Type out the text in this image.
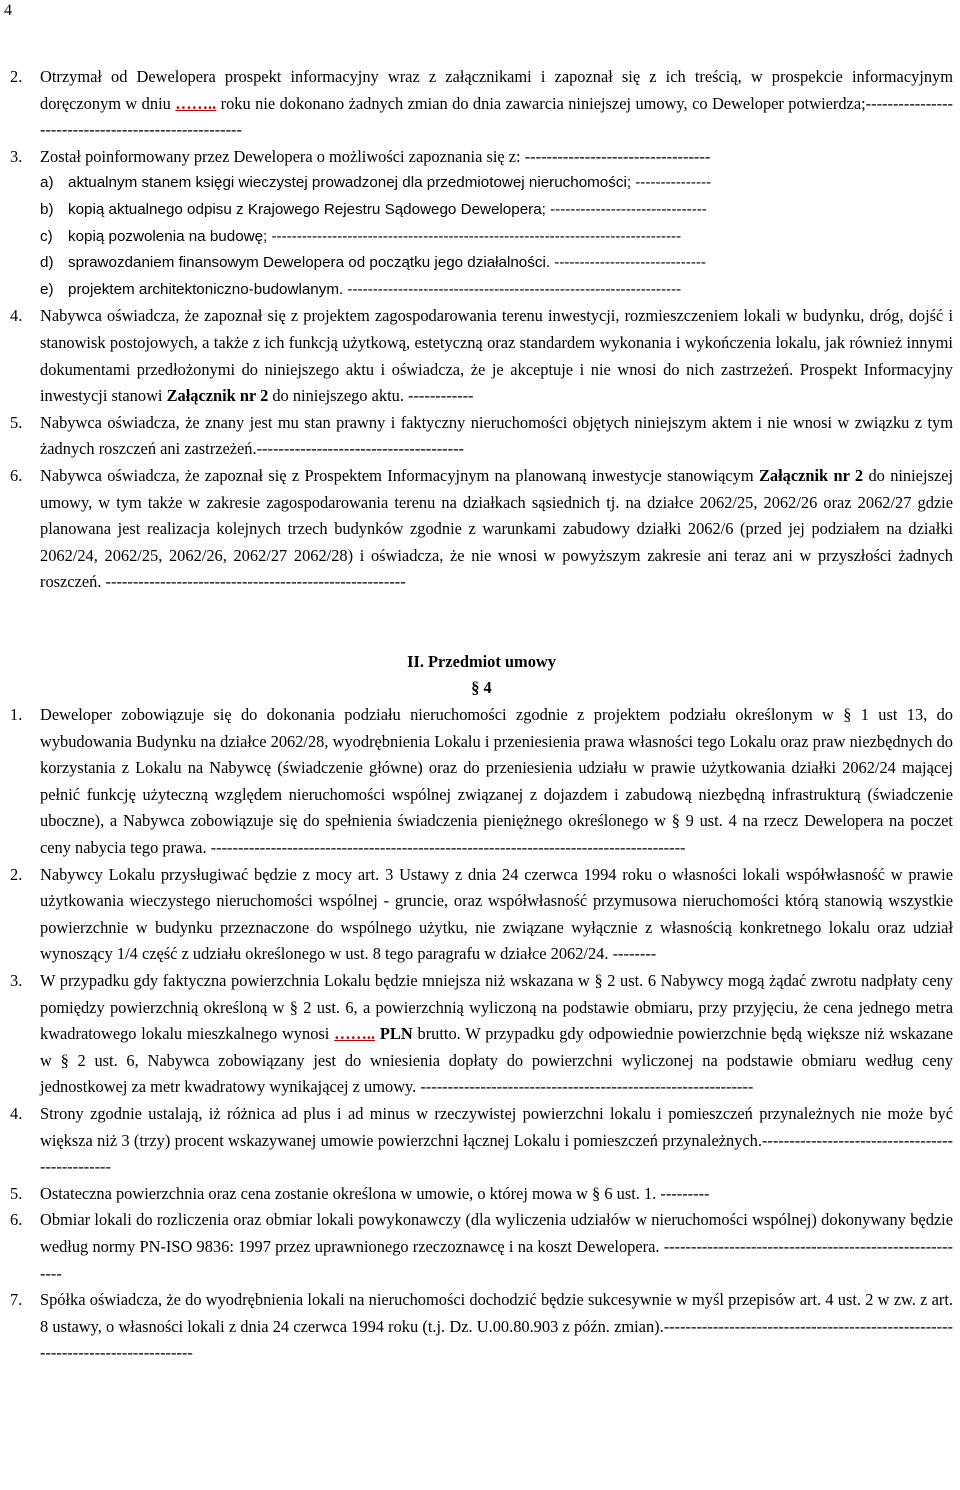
4
2.	Otrzymał od Dewelopera prospekt informacyjny wraz z załącznikami i zapoznał się z ich treścią, w prospekcie informacyjnym doręczonym w dniu …….. roku nie dokonano żadnych zmian do dnia zawarcia niniejszej umowy, co Deweloper potwierdza;-----------------------------------------------------
3.	Został poinformowany przez Dewelopera o możliwości zapoznania się z: ----------------------------------
a) aktualnym stanem księgi wieczystej prowadzonej dla przedmiotowej nieruchomości; ---------------
b) kopią aktualnego odpisu z Krajowego Rejestru Sądowego Dewelopera; -------------------------------
c)	kopią pozwolenia na budowę; ---------------------------------------------------------------------------------
d) sprawozdaniem finansowym Dewelopera od początku jego działalności. ------------------------------
e) projektem architektoniczno-budowlanym. ------------------------------------------------------------------
4.	Nabywca oświadcza, że zapoznał się z projektem zagospodarowania terenu inwestycji, rozmieszczeniem lokali w budynku, dróg, dojść i stanowisk postojowych, a także z ich funkcją użytkową, estetyczną oraz standardem wykonania i wykończenia lokalu, jak również innymi dokumentami przedłożonymi do niniejszego aktu i oświadcza, że je akceptuje i nie wnosi do nich zastrzeżeń. Prospekt Informacyjny inwestycji stanowi Załącznik nr 2 do niniejszego aktu. ------------
5.	Nabywca oświadcza, że znany jest mu stan prawny i faktyczny nieruchomości objętych niniejszym aktem i nie wnosi w związku z tym żadnych roszczeń ani zastrzeżeń.--------------------------------------
6.	Nabywca oświadcza, że zapoznał się z Prospektem Informacyjnym na planowaną inwestycje stanowiącym Załącznik nr 2 do niniejszej umowy, w tym także w zakresie zagospodarowania terenu na działkach sąsiednich tj. na działce 2062/25, 2062/26 oraz 2062/27 gdzie planowana jest realizacja kolejnych trzech budynków zgodnie z warunkami zabudowy działki 2062/6 (przed jej podziałem na działki 2062/24, 2062/25, 2062/26, 2062/27 2062/28) i oświadcza, że nie wnosi w powyższym zakresie ani teraz ani w przyszłości żadnych roszczeń. -------------------------------------------------------
II. Przedmiot umowy
§ 4
1.	Deweloper zobowiązuje się do dokonania podziału nieruchomości zgodnie z projektem podziału określonym w § 1 ust 13, do wybudowania Budynku na działce 2062/28, wyodrębnienia Lokalu i przeniesienia prawa własności tego Lokalu oraz praw niezbędnych do korzystania z Lokalu na Nabywcę (świadczenie główne) oraz do przeniesienia udziału w prawie użytkowania działki 2062/24 mającej pełnić funkcję użyteczną względem nieruchomości wspólnej związanej z dojazdem i zabudową niezbędną infrastrukturą (świadczenie uboczne), a Nabywca zobowiązuje się do spełnienia świadczenia pieniężnego określonego w § 9 ust. 4 na rzecz Dewelopera na poczet ceny nabycia tego prawa. ---------------------------------------------------------------------------------------
2.	Nabywcy Lokalu przysługiwać będzie z mocy art. 3 Ustawy z dnia 24 czerwca 1994 roku o własności lokali współwłasność w prawie użytkowania wieczystego nieruchomości wspólnej - gruncie, oraz współwłasność przymusowa nieruchomości którą stanowią wszystkie powierzchnie w budynku przeznaczone do wspólnego użytku, nie związane wyłącznie z własnością konkretnego lokalu oraz udział wynoszący 1/4 część z udziału określonego w ust. 8 tego paragrafu w działce 2062/24. --------
3.	W przypadku gdy faktyczna powierzchnia Lokalu będzie mniejsza niż wskazana w § 2 ust. 6 Nabywcy mogą żądać zwrotu nadpłaty ceny pomiędzy powierzchnią określoną w § 2 ust. 6, a powierzchnią wyliczoną na podstawie obmiaru, przy przyjęciu, że cena jednego metra kwadratowego lokalu mieszkalnego wynosi …….. PLN brutto. W przypadku gdy odpowiednie powierzchnie będą większe niż wskazane w § 2 ust. 6, Nabywca zobowiązany jest do wniesienia dopłaty do powierzchni wyliczonej na podstawie obmiaru według ceny jednostkowej za metr kwadratowy wynikającej z umowy. -------------------------------------------------------------
4.	Strony zgodnie ustalają, iż różnica ad plus i ad minus w rzeczywistej powierzchni lokalu i pomieszczeń przynależnych nie może być większa niż 3 (trzy) procent wskazywanej umowie powierzchni łącznej Lokalu i pomieszczeń przynależnych.------------------------------------------------
5.	Ostateczna powierzchnia oraz cena zostanie określona w umowie, o której mowa w § 6 ust. 1. ---------
6.	Obmiar lokali do rozliczenia oraz obmiar lokali powykonawczy (dla wyliczenia udziałów w nieruchomości wspólnej) dokonywany będzie według normy PN-ISO 9836: 1997 przez uprawnionego rzeczoznawcę i na koszt Dewelopera. ---------------------------------------------------------
7.	Spółka oświadcza, że do wyodrębnienia lokali na nieruchomości dochodzić będzie sukcesywnie w myśl przepisów art. 4 ust. 2 w zw. z art. 8 ustawy, o własności lokali z dnia 24 czerwca 1994 roku (t.j. Dz. U.00.80.903 z późn. zmian).---------------------------------------------------------------------------------
